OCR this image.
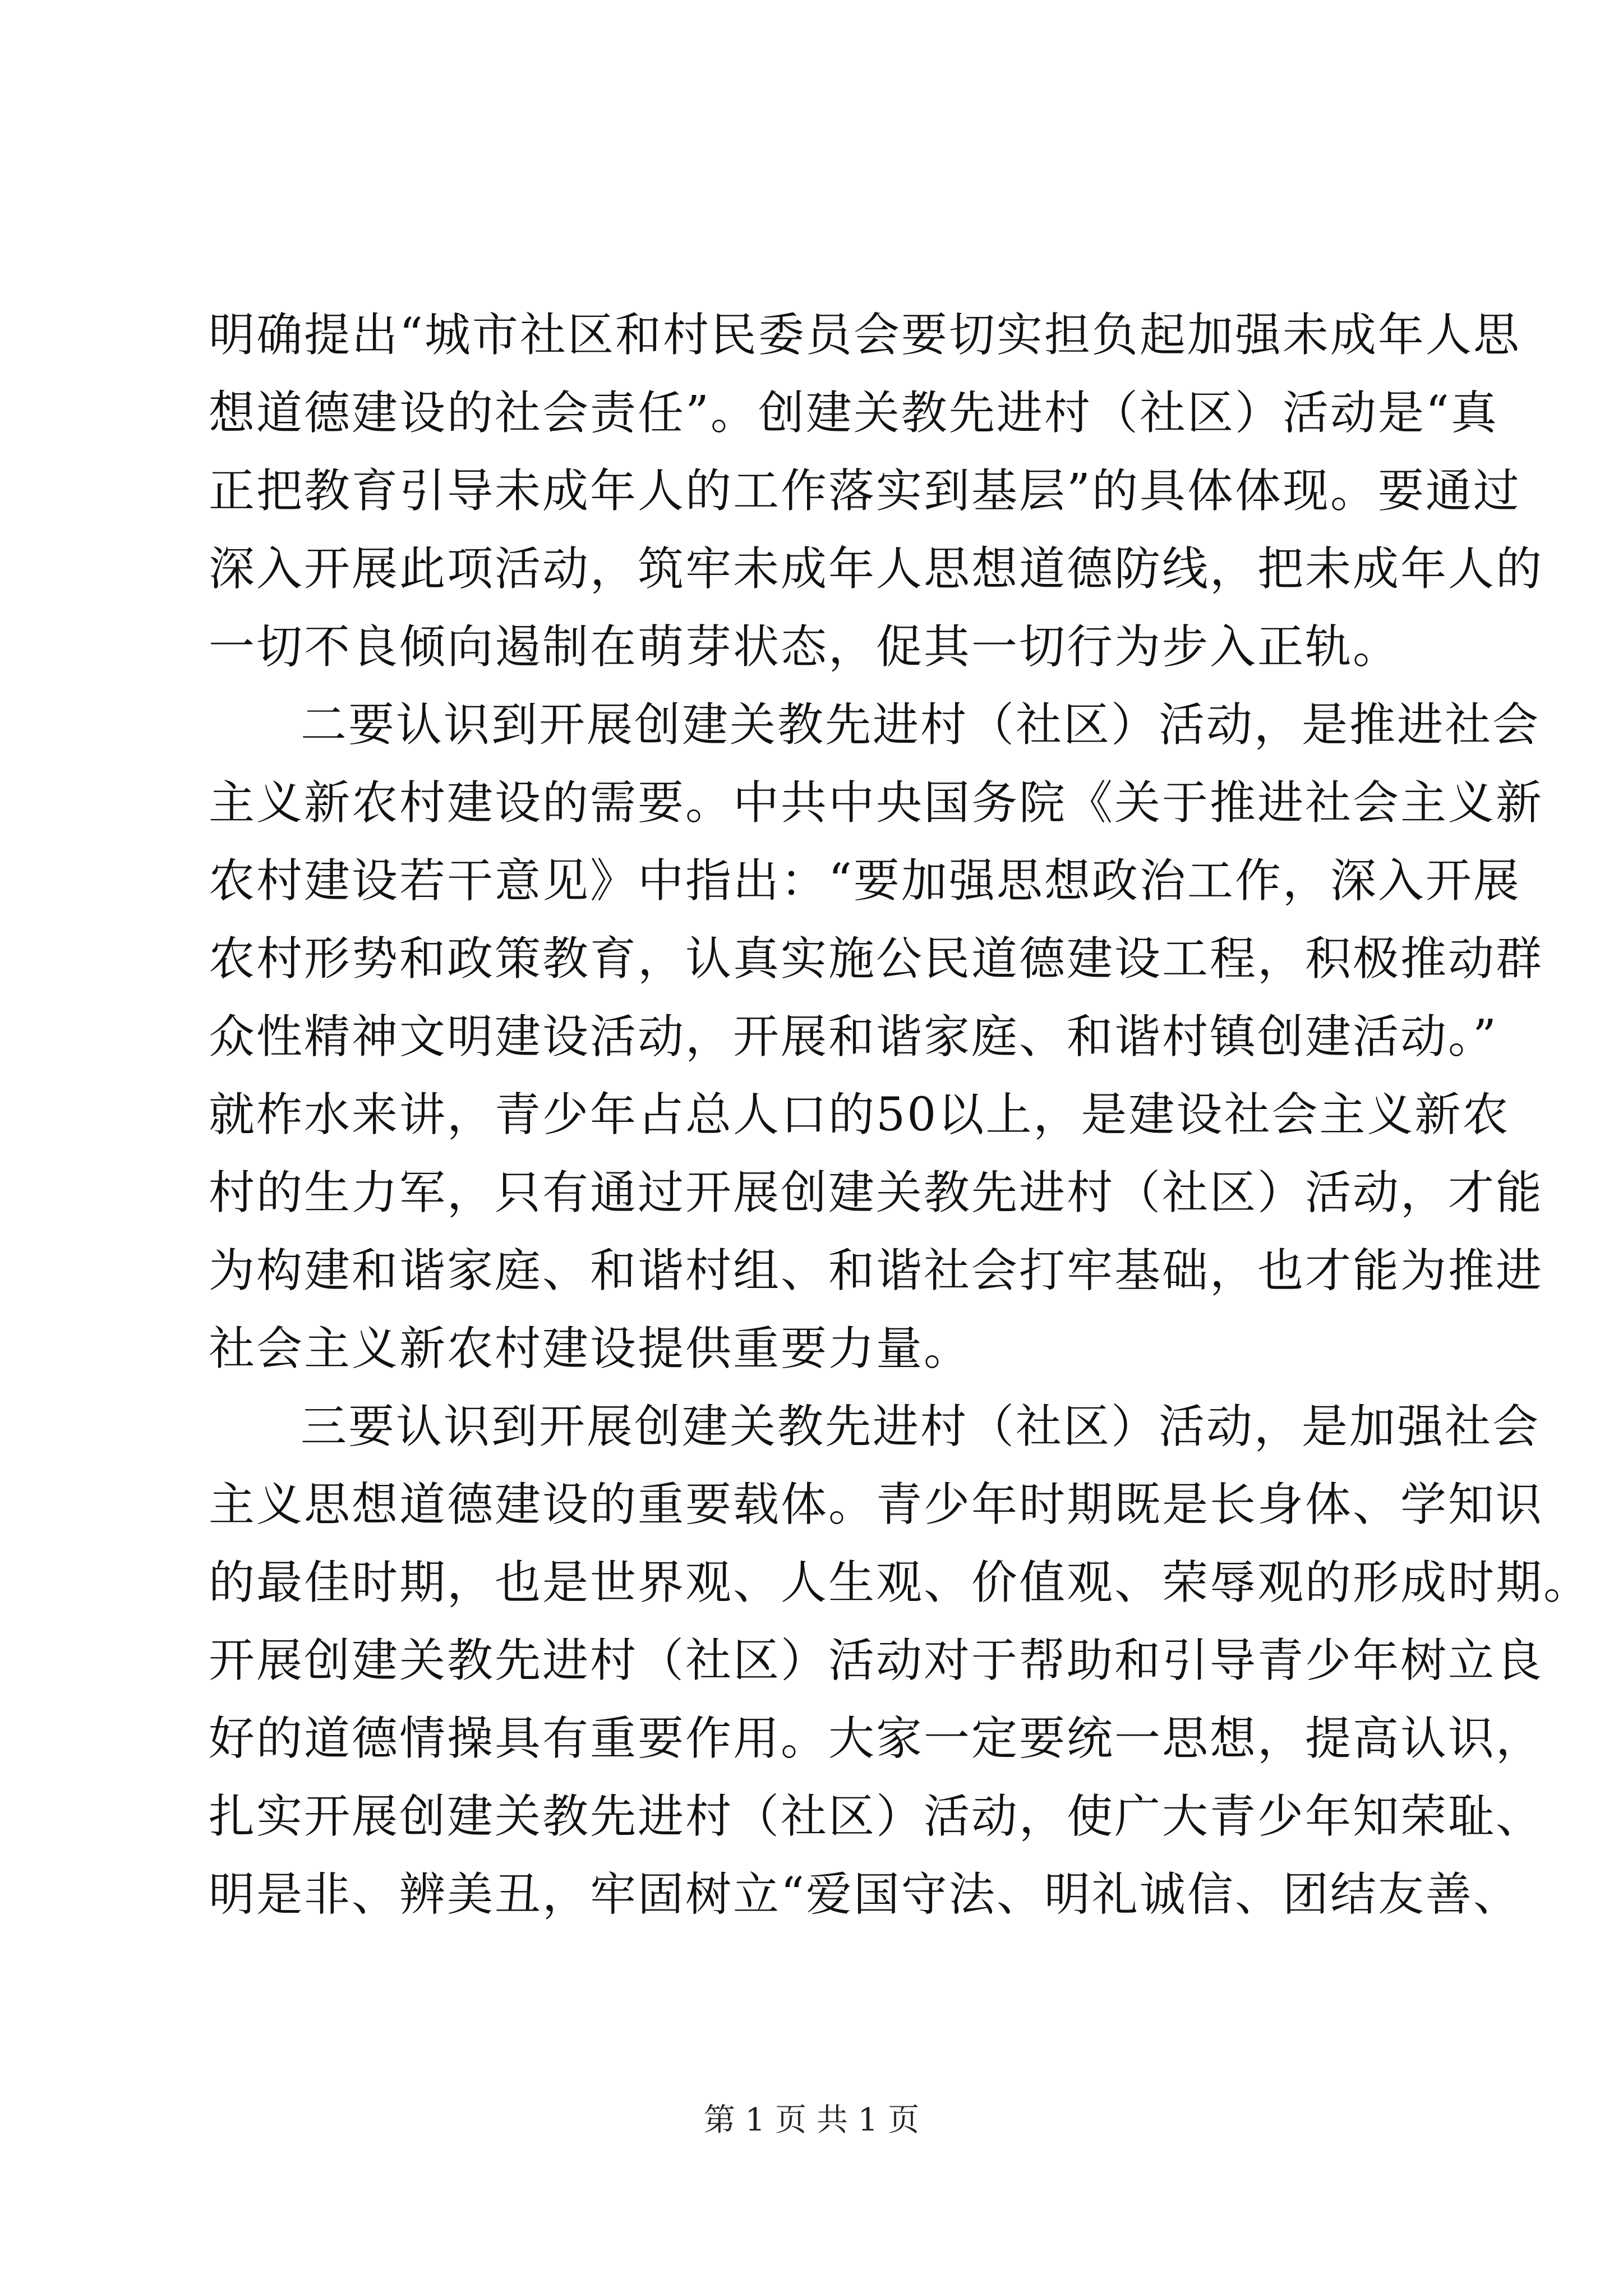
明确提出“城市社区和村民委员会要切实担负起加强未成年人思
想道德建设的社会责任”。创建关教先进村（社区）活动是“真
正把教育引导未成年人的工作落实到基层”的具体体现。要通过
深入开展此项活动，筑牢未成年人思想道德防线，把未成年人的
一切不良倾向遏制在萌芽状态，促其一切行为步入正轨。
二要认识到开展创建关教先进村（社区）活动，是推进社会
主义新农村建设的需要。中共中央国务院《关于推进社会主义新
农村建设若干意见》中指出：“要加强思想政治工作，深入开展
农村形势和政策教育，认真实施公民道德建设工程，积极推动群
众性精神文明建设活动，开展和谐家庭、和谐村镇创建活动。”
就柞水来讲，青少年占总人口的50以上，是建设社会主义新农
村的生力军，只有通过开展创建关教先进村（社区）活动，才能
为构建和谐家庭、和谐村组、和谐社会打牢基础，也才能为推进
社会主义新农村建设提供重要力量。
三要认识到开展创建关教先进村（社区）活动，是加强社会
主义思想道德建设的重要载体。青少年时期既是长身体、学知识
的最佳时期，也是世界观、人生观、价值观、荣辱观的形成时期。
开展创建关教先进村（社区）活动对于帮助和引导青少年树立良
好的道德情操具有重要作用。大家一定要统一思想，提高认识，
扎实开展创建关教先进村（社区）活动，使广大青少年知荣耻、
明是非、辨美丑，牢固树立“爱国守法、明礼诚信、团结友善、
第 1 页 共 1 页
